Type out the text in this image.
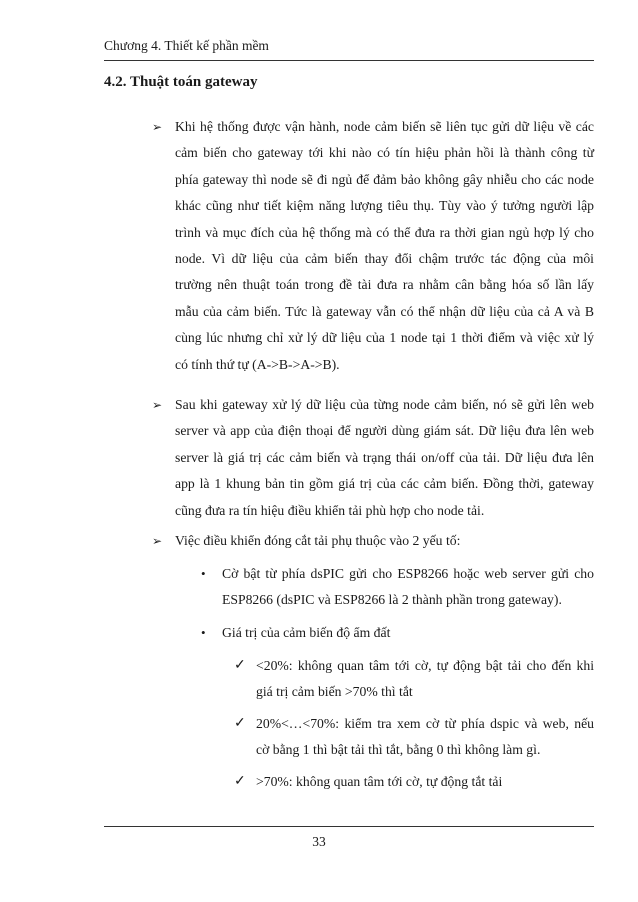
Chương 4. Thiết kế phần mềm
4.2. Thuật toán gateway
➢ Khi hệ thống được vận hành, node cảm biến sẽ liên tục gửi dữ liệu về các
cảm biến cho gateway tới khi nào có tín hiệu phản hồi là thành công từ
phía gateway thì node sẽ đi ngủ để đảm bảo không gây nhiễu cho các node
khác cũng như tiết kiệm năng lượng tiêu thụ. Tùy vào ý tưởng người lập
trình và mục đích của hệ thống mà có thể đưa ra thời gian ngủ hợp lý cho
node. Vì dữ liệu của cảm biến thay đổi chậm trước tác động của môi
trường nên thuật toán trong đề tài đưa ra nhằm cân bằng hóa số lần lấy
mẫu của cảm biến. Tức là gateway vẫn có thể nhận dữ liệu của cả A và B
cùng lúc nhưng chỉ xử lý dữ liệu của 1 node tại 1 thời điểm và việc xử lý
có tính thứ tự (A->B->A->B).
➢ Sau khi gateway xử lý dữ liệu của từng node cảm biến, nó sẽ gửi lên web
server và app của điện thoại để người dùng giám sát. Dữ liệu đưa lên web
server là giá trị các cảm biến và trạng thái on/off của tải. Dữ liệu đưa lên
app là 1 khung bản tin gồm giá trị của các cảm biến. Đồng thời, gateway
cũng đưa ra tín hiệu điều khiển tải phù hợp cho node tải.
➢ Việc điều khiển đóng cắt tải phụ thuộc vào 2 yếu tố:
• Cờ bật từ phía dsPIC gửi cho ESP8266 hoặc web server gửi cho
ESP8266 (dsPIC và ESP8266 là 2 thành phần trong gateway).
• Giá trị của cảm biến độ ẩm đất
✓ <20%: không quan tâm tới cờ, tự động bật tải cho đến khi
giá trị cảm biến >70% thì tắt
✓ 20%<…<70%: kiểm tra xem cờ từ phía dspic và web, nếu
cờ bằng 1 thì bật tải thì tắt, bằng 0 thì không làm gì.
✓ >70%: không quan tâm tới cờ, tự động tắt tải
33
